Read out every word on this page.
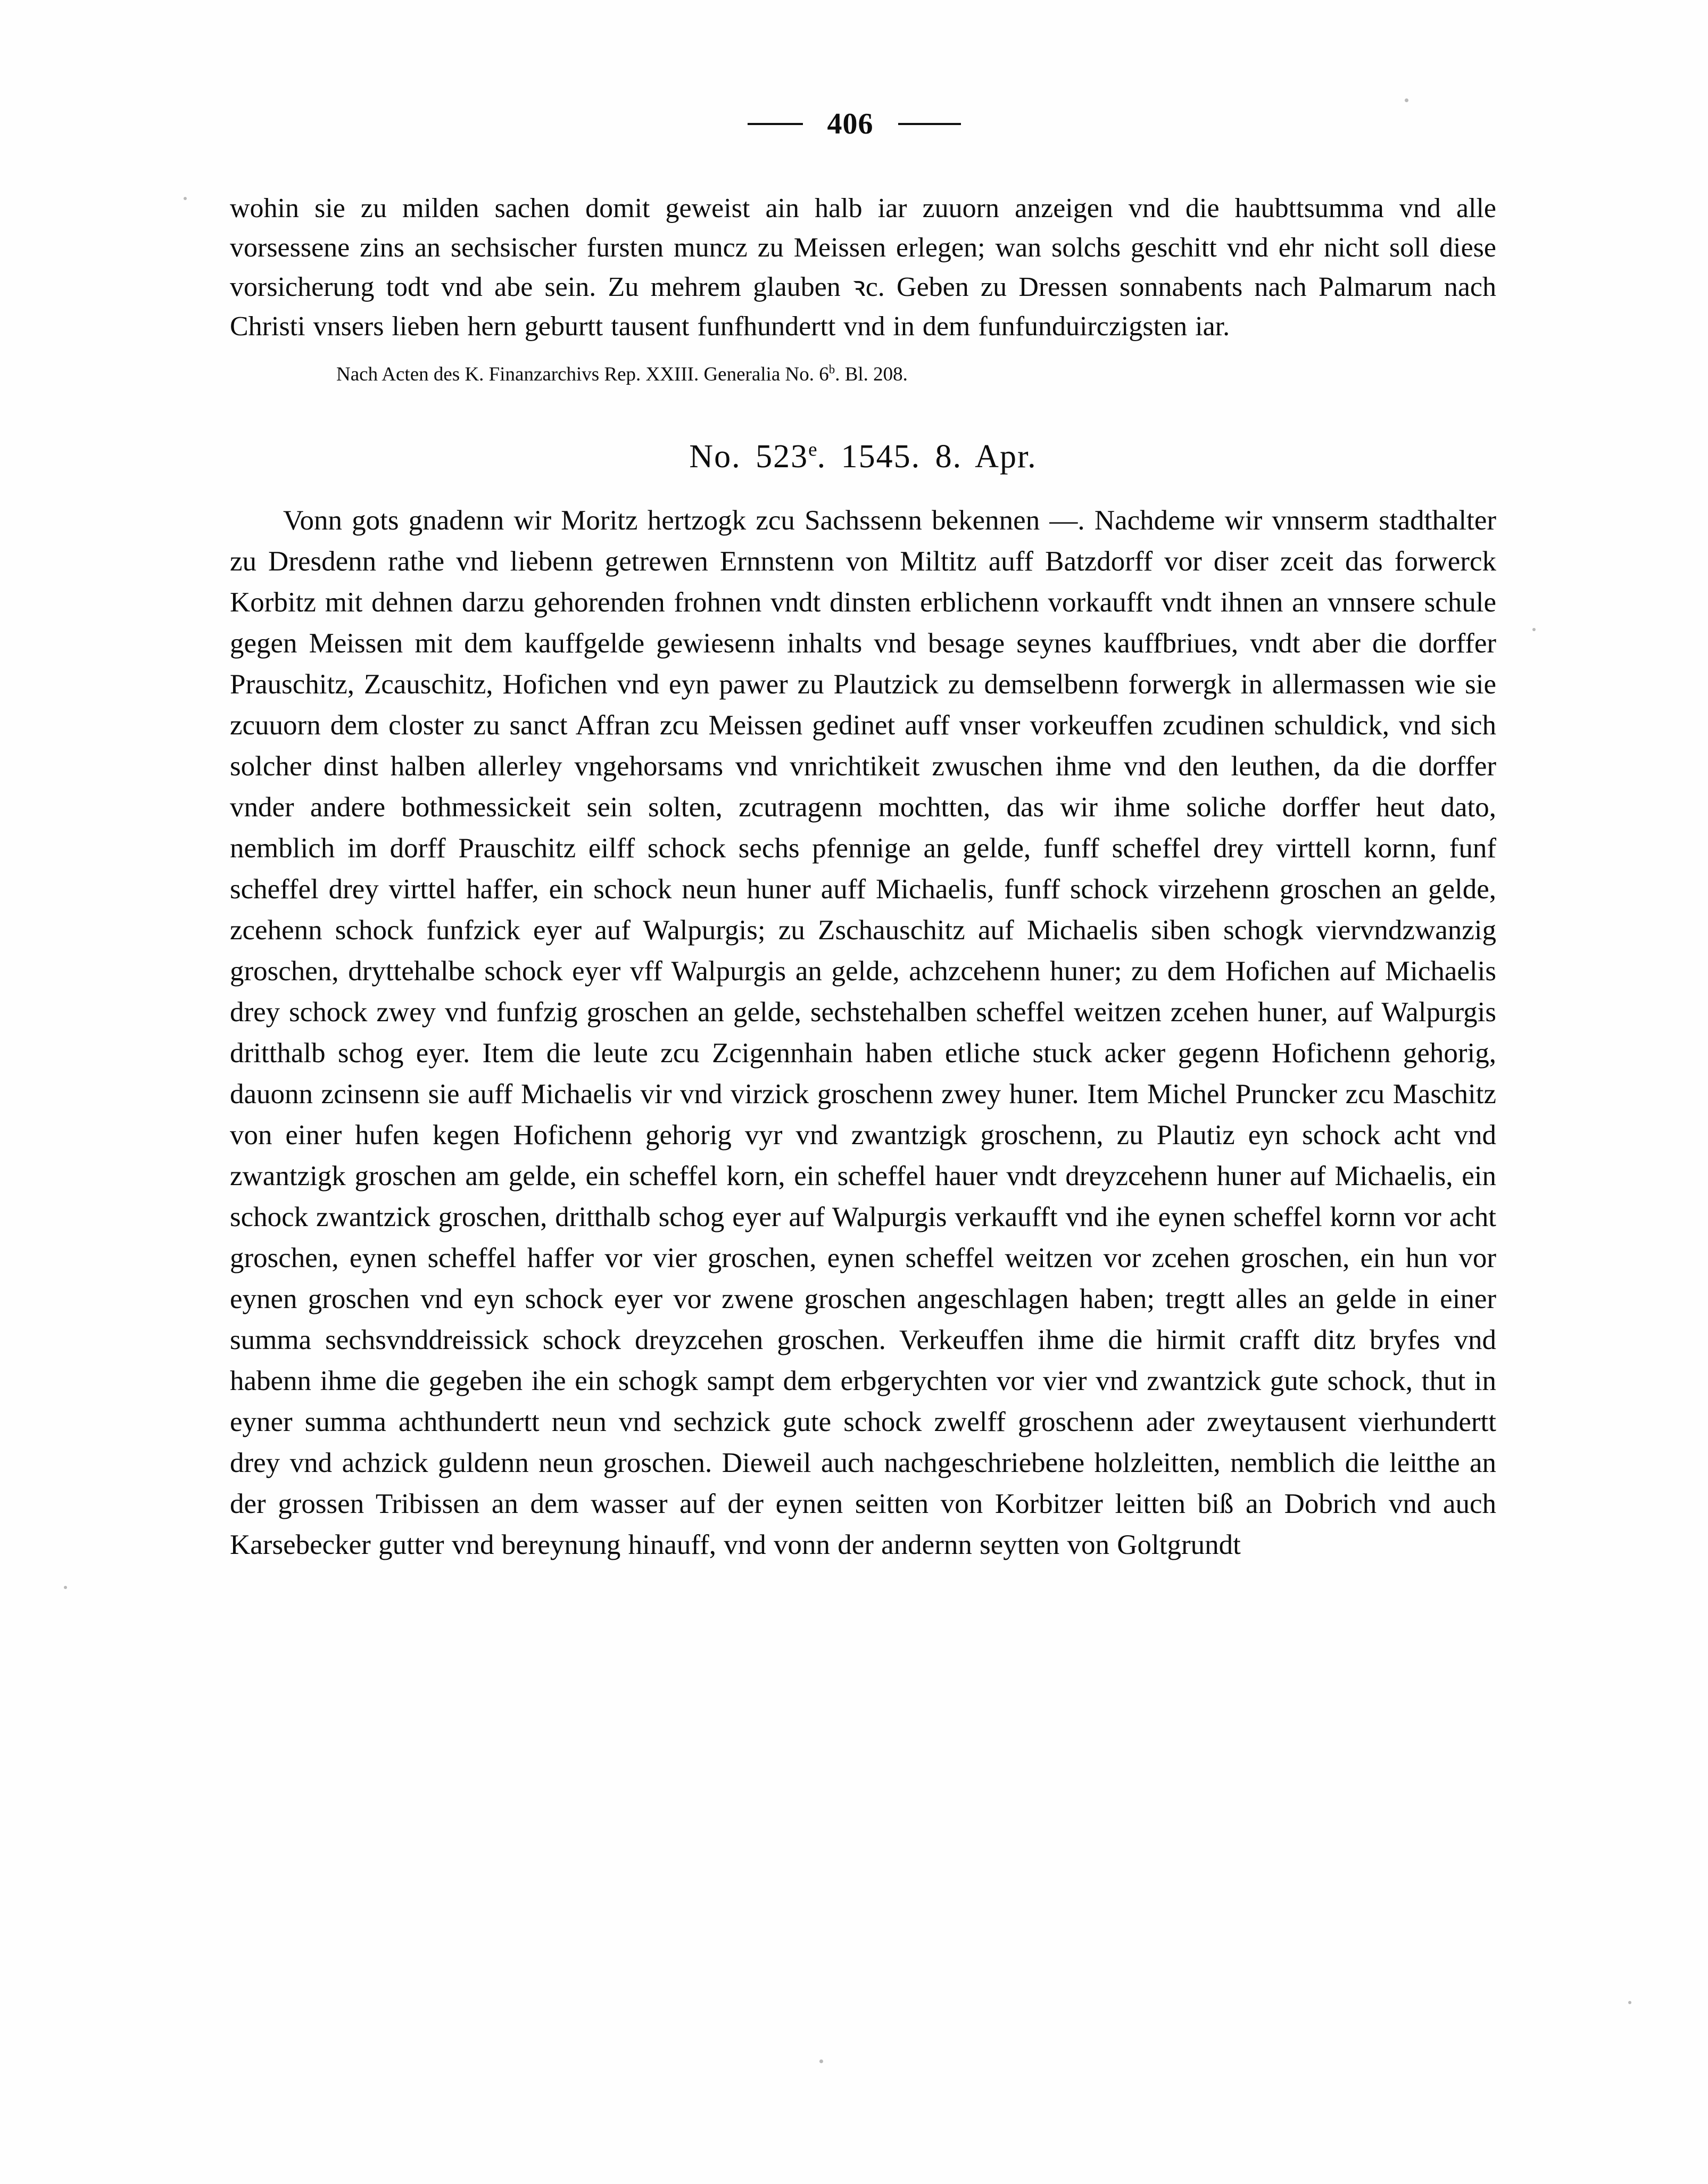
406

wohin sie zu milden sachen domit geweist ain halb iar zuuorn anzeigen vnd die haubttsumma vnd alle vorsessene zins an sechsischer fursten muncz zu Meissen erlegen; wan solchs geschitt vnd ehr nicht soll diese vorsicherung todt vnd abe sein. Zu mehrem glauben ꝛc. Geben zu Dressen sonnabents nach Palmarum nach Christi vnsers lieben hern geburtt tausent funfhundertt vnd in dem funfunduirczigsten iar.

Nach Acten des K. Finanzarchivs Rep. XXIII. Generalia No. 6$^b$. Bl. 208.

No. 523e. 1545. 8. Apr.

Vonn gots gnadenn wir Moritz hertzogk zcu Sachssenn bekennen —. Nachdeme wir vnnserm stadthalter zu Dresdenn rathe vnd liebenn getrewen Ernnstenn von Miltitz auff Batzdorff vor diser zceit das forwerck Korbitz mit dehnen darzu gehorenden frohnen vndt dinsten erblichenn vorkaufft vndt ihnen an vnnsere schule gegen Meissen mit dem kauffgelde gewiesenn inhalts vnd besage seynes kauffbriues, vndt aber die dorffer Prauschitz, Zcauschitz, Hofichen vnd eyn pawer zu Plautzick zu demselbenn forwergk in allermassen wie sie zcuuorn dem closter zu sanct Affran zcu Meissen gedinet auff vnser vorkeuffen zcudinen schuldick, vnd sich solcher dinst halben allerley vngehorsams vnd vnrichtikeit zwuschen ihme vnd den leuthen, da die dorffer vnder andere bothmessickeit sein solten, zcutragenn mochtten, das wir ihme soliche dorffer heut dato, nemblich im dorff Prauschitz eilff schock sechs pfennige an gelde, funff scheffel drey virttell kornn, funf scheffel drey virttel haffer, ein schock neun huner auff Michaelis, funff schock virzehenn groschen an gelde, zcehenn schock funfzick eyer auf Walpurgis; zu Zschauschitz auf Michaelis siben schogk viervndzwanzig groschen, dryttehalbe schock eyer vff Walpurgis an gelde, achzcehenn huner; zu dem Hofichen auf Michaelis drey schock zwey vnd funfzig groschen an gelde, sechstehalben scheffel weitzen zcehen huner, auf Walpurgis dritthalb schog eyer. Item die leute zcu Zcigennhain haben etliche stuck acker gegenn Hofichenn gehorig, dauonn zcinsenn sie auff Michaelis vir vnd virzick groschenn zwey huner. Item Michel Pruncker zcu Maschitz von einer hufen kegen Hofichenn gehorig vyr vnd zwantzigk groschenn, zu Plautiz eyn schock acht vnd zwantzigk groschen am gelde, ein scheffel korn, ein scheffel hauer vndt dreyzcehenn huner auf Michaelis, ein schock zwantzick groschen, dritthalb schog eyer auf Walpurgis verkaufft vnd ihe eynen scheffel kornn vor acht groschen, eynen scheffel haffer vor vier groschen, eynen scheffel weitzen vor zcehen groschen, ein hun vor eynen groschen vnd eyn schock eyer vor zwene groschen angeschlagen haben; tregtt alles an gelde in einer summa sechsvnddreissick schock dreyzcehen groschen. Verkeuffen ihme die hirmit crafft ditz bryfes vnd habenn ihme die gegeben ihe ein schogk sampt dem erbgerychten vor vier vnd zwantzick gute schock, thut in eyner summa achthundertt neun vnd sechzick gute schock zwelff groschenn ader zweytausent vierhundertt drey vnd achzick guldenn neun groschen. Dieweil auch nachgeschriebene holzleitten, nemblich die leitthe an der grossen Tribissen an dem wasser auf der eynen seitten von Korbitzer leitten biß an Dobrich vnd auch Karsebecker gutter vnd bereynung hinauff, vnd vonn der andernn seytten von Goltgrundt
